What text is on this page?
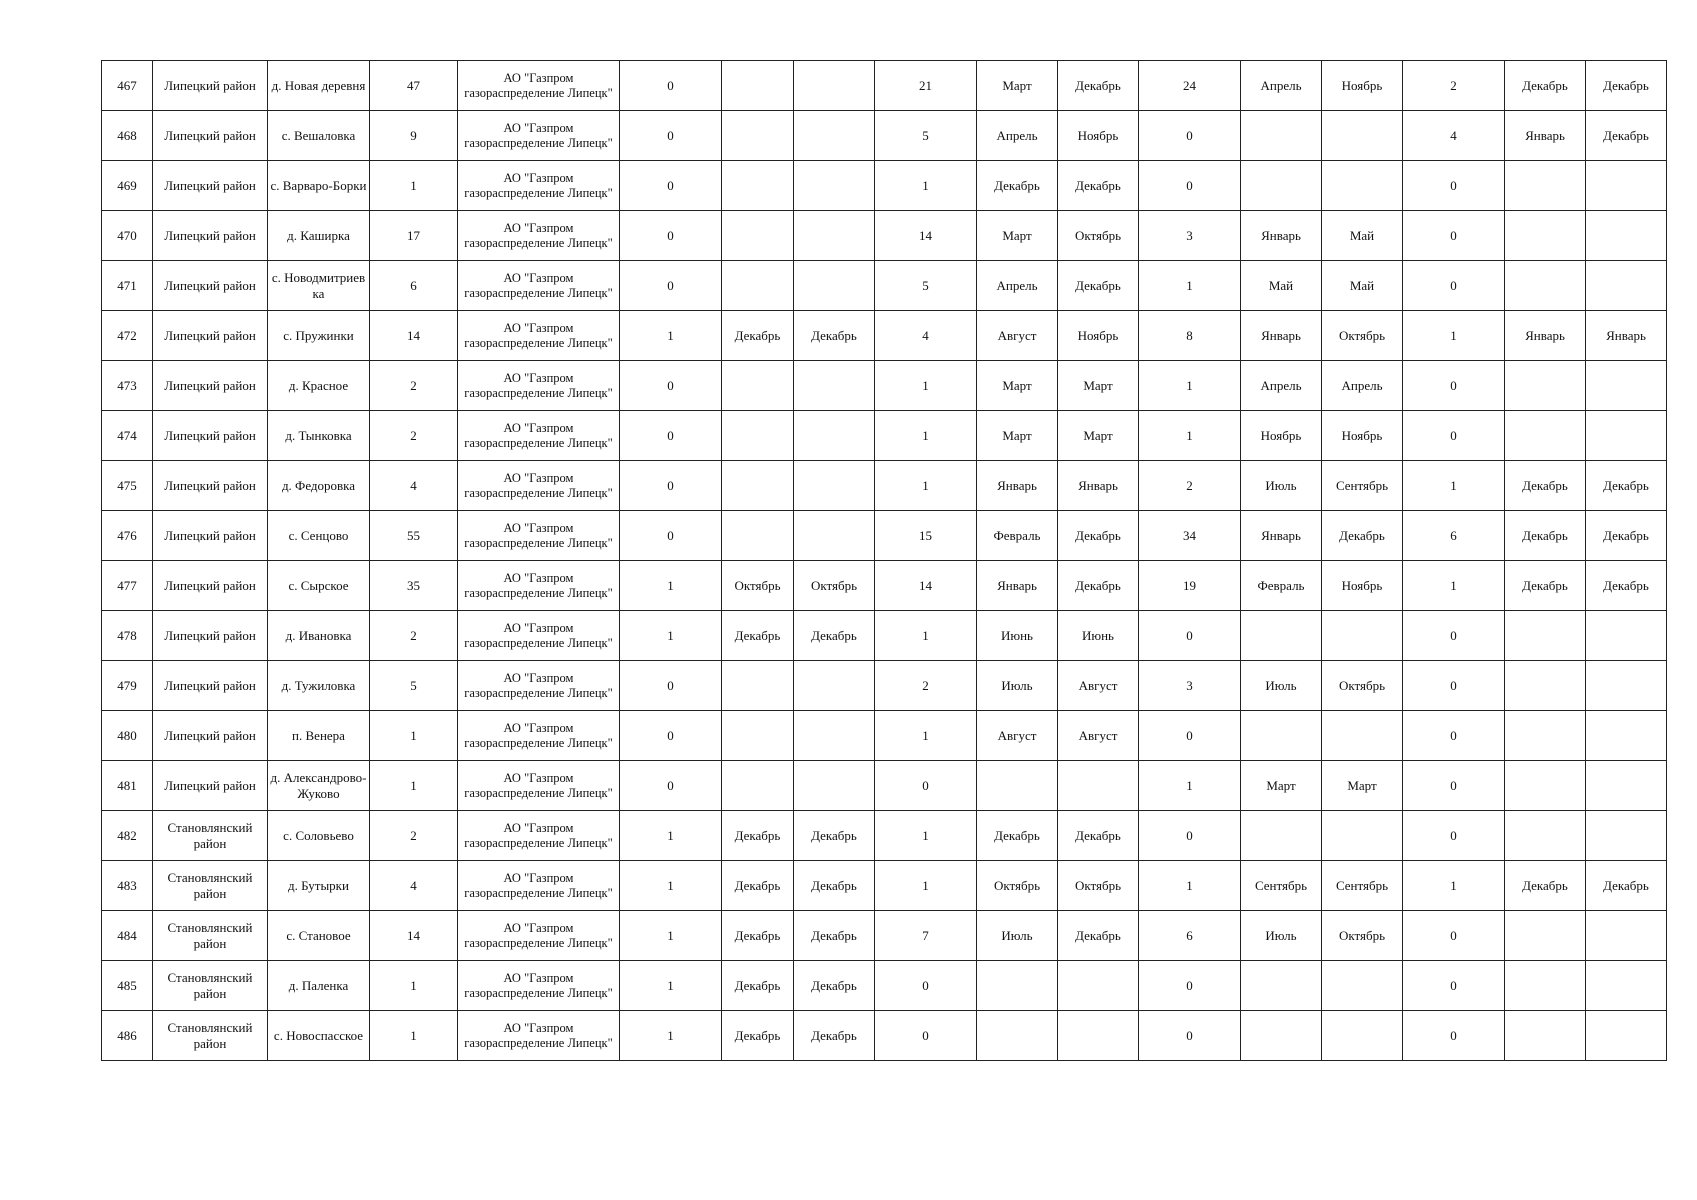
467	Липецкий район	д. Новая деревня	47	АО "Газпром газораспределение Липецк"	0			21	Март	Декабрь	24	Апрель	Ноябрь	2	Декабрь	Декабрь
468	Липецкий район	с. Вешаловка	9	АО "Газпром газораспределение Липецк"	0			5	Апрель	Ноябрь	0			4	Январь	Декабрь
469	Липецкий район	с. Варваро-Борки	1	АО "Газпром газораспределение Липецк"	0			1	Декабрь	Декабрь	0			0		
470	Липецкий район	д. Каширка	17	АО "Газпром газораспределение Липецк"	0			14	Март	Октябрь	3	Январь	Май	0		
471	Липецкий район	с. Новодмитриевка	6	АО "Газпром газораспределение Липецк"	0			5	Апрель	Декабрь	1	Май	Май	0		
472	Липецкий район	с. Пружинки	14	АО "Газпром газораспределение Липецк"	1	Декабрь	Декабрь	4	Август	Ноябрь	8	Январь	Октябрь	1	Январь	Январь
473	Липецкий район	д. Красное	2	АО "Газпром газораспределение Липецк"	0			1	Март	Март	1	Апрель	Апрель	0		
474	Липецкий район	д. Тынковка	2	АО "Газпром газораспределение Липецк"	0			1	Март	Март	1	Ноябрь	Ноябрь	0		
475	Липецкий район	д. Федоровка	4	АО "Газпром газораспределение Липецк"	0			1	Январь	Январь	2	Июль	Сентябрь	1	Декабрь	Декабрь
476	Липецкий район	с. Сенцово	55	АО "Газпром газораспределение Липецк"	0			15	Февраль	Декабрь	34	Январь	Декабрь	6	Декабрь	Декабрь
477	Липецкий район	с. Сырское	35	АО "Газпром газораспределение Липецк"	1	Октябрь	Октябрь	14	Январь	Декабрь	19	Февраль	Ноябрь	1	Декабрь	Декабрь
478	Липецкий район	д. Ивановка	2	АО "Газпром газораспределение Липецк"	1	Декабрь	Декабрь	1	Июнь	Июнь	0			0		
479	Липецкий район	д. Тужиловка	5	АО "Газпром газораспределение Липецк"	0			2	Июль	Август	3	Июль	Октябрь	0		
480	Липецкий район	п. Венера	1	АО "Газпром газораспределение Липецк"	0			1	Август	Август	0			0		
481	Липецкий район	д. Александрово-Жуково	1	АО "Газпром газораспределение Липецк"	0			0			1	Март	Март	0		
482	Становлянский район	с. Соловьево	2	АО "Газпром газораспределение Липецк"	1	Декабрь	Декабрь	1	Декабрь	Декабрь	0			0		
483	Становлянский район	д. Бутырки	4	АО "Газпром газораспределение Липецк"	1	Декабрь	Декабрь	1	Октябрь	Октябрь	1	Сентябрь	Сентябрь	1	Декабрь	Декабрь
484	Становлянский район	с. Становое	14	АО "Газпром газораспределение Липецк"	1	Декабрь	Декабрь	7	Июль	Декабрь	6	Июль	Октябрь	0		
485	Становлянский район	д. Паленка	1	АО "Газпром газораспределение Липецк"	1	Декабрь	Декабрь	0			0			0		
486	Становлянский район	с. Новоспасское	1	АО "Газпром газораспределение Липецк"	1	Декабрь	Декабрь	0			0			0		
